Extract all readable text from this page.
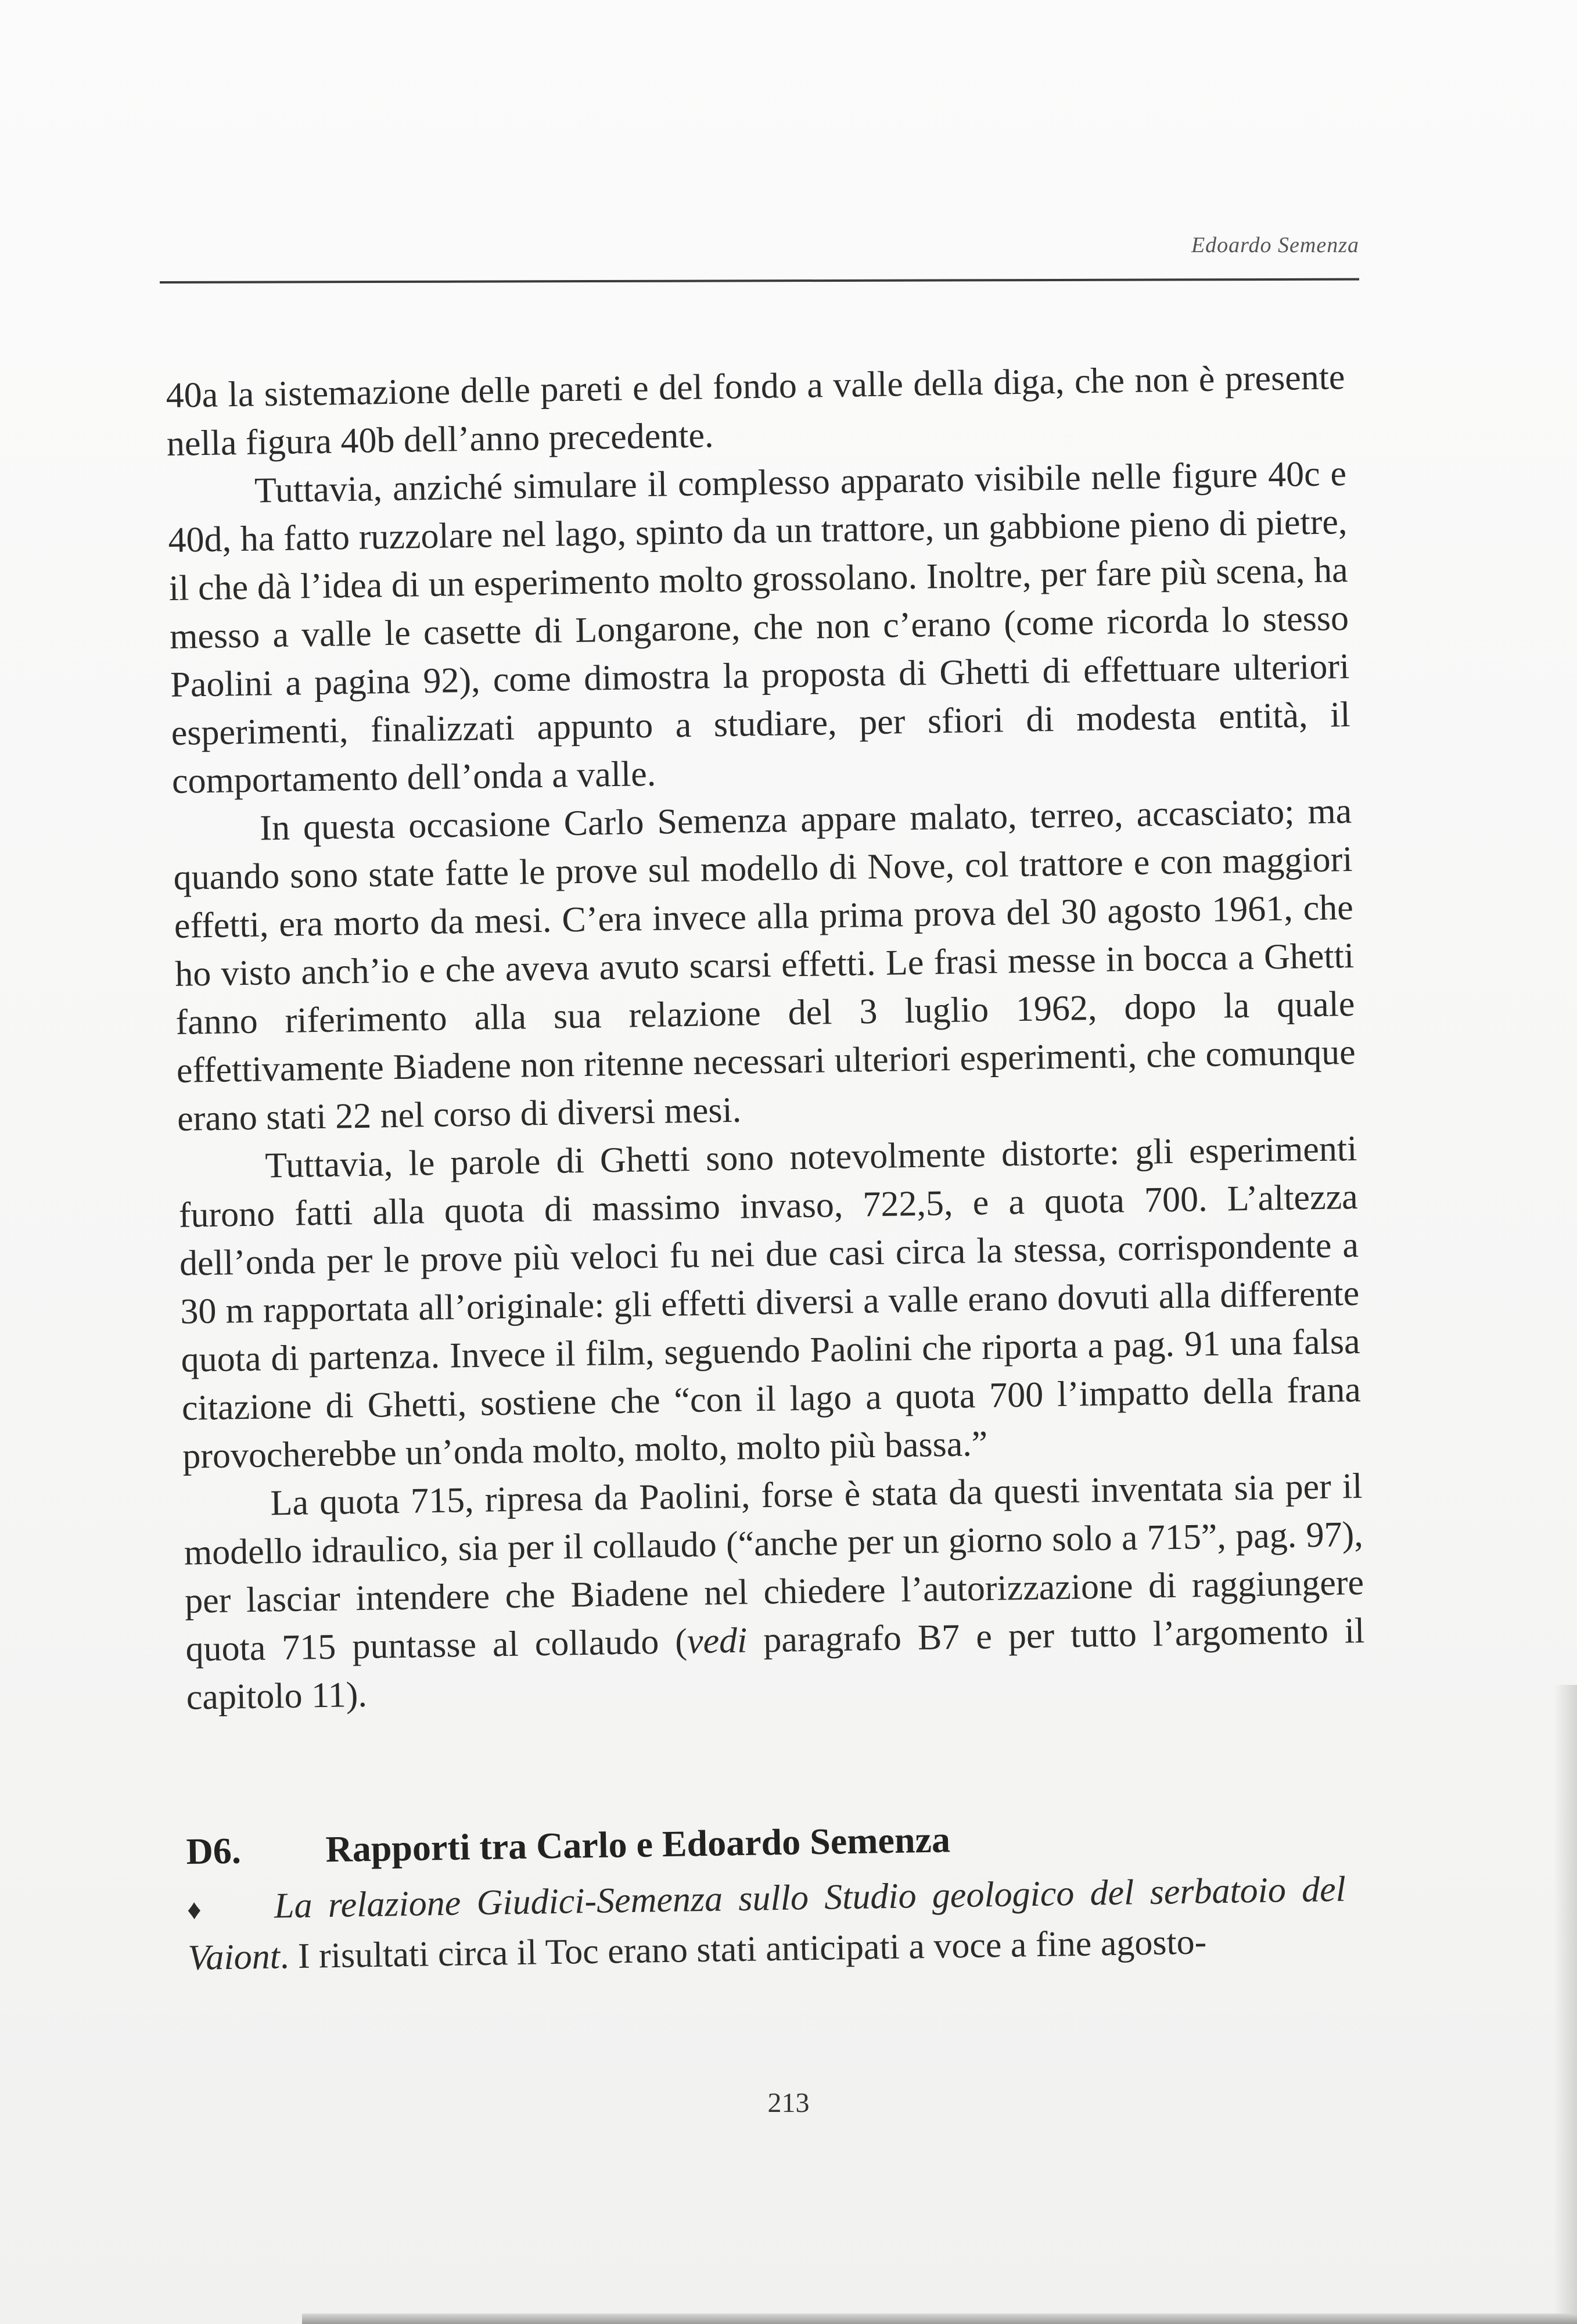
Edoardo Semenza

40a la sistemazione delle pareti e del fondo a valle della diga, che non è presente nella figura 40b dell’anno precedente.

Tuttavia, anziché simulare il complesso apparato visibile nelle figure 40c e 40d, ha fatto ruzzolare nel lago, spinto da un trattore, un gabbione pieno di pietre, il che dà l’idea di un esperimento molto grossolano. Inoltre, per fare più scena, ha messo a valle le casette di Longarone, che non c’erano (come ricorda lo stesso Paolini a pagina 92), come dimostra la proposta di Ghetti di effettuare ulteriori esperimenti, finalizzati appunto a studiare, per sfiori di modesta entità, il comportamento dell’onda a valle.

In questa occasione Carlo Semenza appare malato, terreo, accasciato; ma quando sono state fatte le prove sul modello di Nove, col trattore e con maggiori effetti, era morto da mesi. C’era invece alla prima prova del 30 agosto 1961, che ho visto anch’io e che aveva avuto scarsi effetti. Le frasi messe in bocca a Ghetti fanno riferimento alla sua relazione del 3 luglio 1962, dopo la quale effettivamente Biadene non ritenne necessari ulteriori esperimenti, che comunque erano stati 22 nel corso di diversi mesi.

Tuttavia, le parole di Ghetti sono notevolmente distorte: gli esperimenti furono fatti alla quota di massimo invaso, 722,5, e a quota 700. L’altezza dell’onda per le prove più veloci fu nei due casi circa la stessa, corrispondente a 30 m rapportata all’originale: gli effetti diversi a valle erano dovuti alla differente quota di partenza. Invece il film, seguendo Paolini che riporta a pag. 91 una falsa citazione di Ghetti, sostiene che “con il lago a quota 700 l’impatto della frana provocherebbe un’onda molto, molto, molto più bassa.”

La quota 715, ripresa da Paolini, forse è stata da questi inventata sia per il modello idraulico, sia per il collaudo (“anche per un giorno solo a 715”, pag. 97), per lasciar intendere che Biadene nel chiedere l’autorizzazione di raggiungere quota 715 puntasse al collaudo (vedi paragrafo B7 e per tutto l’argomento il capitolo 11).

D6.	Rapporti tra Carlo e Edoardo Semenza

♦ La relazione Giudici-Semenza sullo Studio geologico del serbatoio del Vaiont. I risultati circa il Toc erano stati anticipati a voce a fine agosto-

213
